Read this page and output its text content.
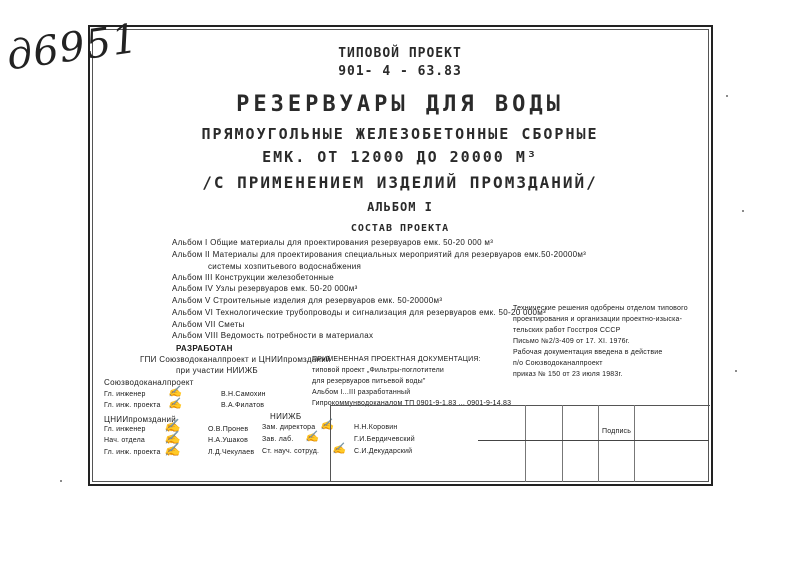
д6951	ТИПОВОЙ ПРОЕКТ
901- 4 - 63.83
РЕЗЕРВУАРЫ ДЛЯ ВОДЫ
ПРЯМОУГОЛЬНЫЕ ЖЕЛЕЗОБЕТОННЫЕ СБОРНЫЕ
ЕМК. ОТ 12000 ДО 20000 М³
/С ПРИМЕНЕНИЕМ ИЗДЕЛИЙ ПРОМЗДАНИЙ/
АЛЬБОМ I
СОСТАВ ПРОЕКТА
Альбом I Общие материалы для проектирования резервуаров емк. 50-20 000 м³
Альбом II Материалы для проектирования специальных мероприятий для резервуаров емк.50-20000м³
системы хозпитьевого водоснабжения
Альбом III Конструкции железобетонные
Альбом IV Узлы резервуаров емк. 50-20 000м³
Альбом V Строительные изделия для резервуаров емк. 50-20000м³
Альбом VI Технологические трубопроводы и сигнализация для резервуаров емк. 50-20 000м³
Альбом VII Сметы
Альбом VIII Ведомость потребности в материалах
Технические решения одобрены отделом типового
проектирования и организации проектно-изыска-
тельских работ Госстроя СССР
Письмо №2/3-409 от 17. XI. 1976г.
Рабочая документация введена в действие
п/о Союзводоканалпроект
приказ № 150 от 23 июля 1983г.
РАЗРАБОТАН
ГПИ Союзводоканалпроект и ЦНИИпромзданий
при участии НИИЖБ
Союзводоканалпроект
Гл. инженер ✍	В.Н.Самохин
Гл. инж. проекта ✍	В.А.Филатов
ЦНИИпромзданий
Гл. инженер ✍	О.В.Пронев
Нач. отдела ✍	Н.А.Ушаков
Гл. инж. проекта ✍	Л.Д.Чекулаев
НИИЖБ
Зам. директора ✍	Н.Н.Коровин
Зав. лаб. ✍	Г.И.Бердичевский
Ст. науч. сотруд. ✍ С.И.Декударский
ПРИМЕНЕННАЯ ПРОЕКТНАЯ ДОКУМЕНТАЦИЯ:
типовой проект „Фильтры-поглотители
для резервуаров питьевой воды"
Альбом I...III разработанный
Гипрокоммунводоканалом ТП 0901-9-1.83 ... 0901-9-14.83
Подпись
